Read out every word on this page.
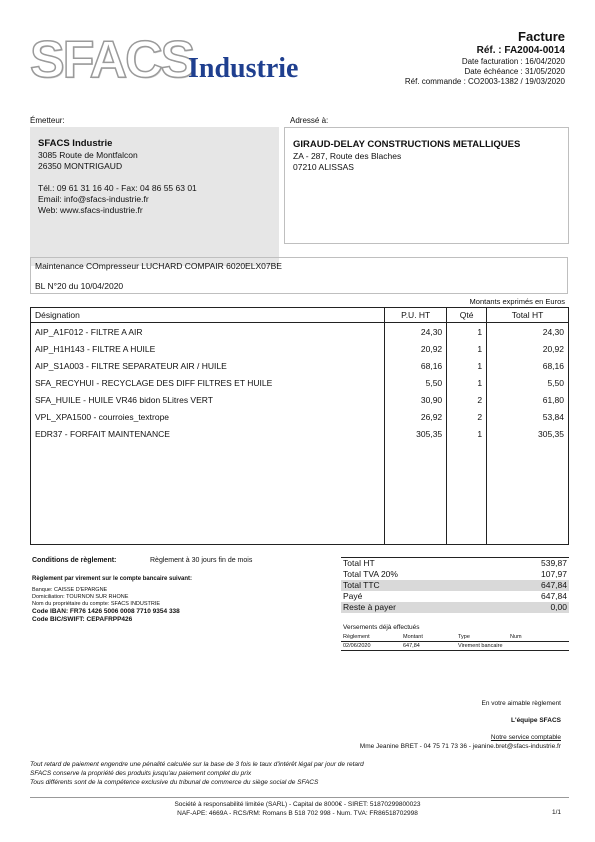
SFACS
Industrie
Facture
Réf. : FA2004-0014
Date facturation : 16/04/2020
Date échéance : 31/05/2020
Réf. commande : CO2003-1382 / 19/03/2020
Émetteur:
SFACS Industrie
3085 Route de Montfalcon
26350 MONTRIGAUD
Tél.: 09 61 31 16 40 - Fax: 04 86 55 63 01
Email: info@sfacs-industrie.fr
Web: www.sfacs-industrie.fr
Adressé à:
GIRAUD-DELAY CONSTRUCTIONS METALLIQUES
ZA - 287, Route des Blaches
07210 ALISSAS
Maintenance COmpresseur LUCHARD COMPAIR 6020ELX07BE
BL N°20 du 10/04/2020
Montants exprimés en Euros
Désignation	P.U. HT	Qté	Total HT
AIP_A1F012 - FILTRE A AIR	24,30	1	24,30
AIP_H1H143 - FILTRE A HUILE	20,92	1	20,92
AIP_S1A003 - FILTRE SEPARATEUR AIR / HUILE	68,16	1	68,16
SFA_RECYHUI - RECYCLAGE DES DIFF FILTRES ET HUILE	5,50	1	5,50
SFA_HUILE - HUILE VR46 bidon 5Litres VERT	30,90	2	61,80
VPL_XPA1500 - courroies_textrope	26,92	2	53,84
EDR37 - FORFAIT MAINTENANCE	305,35	1	305,35

Conditions de règlement:	Règlement à 30 jours fin de mois
Règlement par virement sur le compte bancaire suivant:
Banque: CAISSE D'EPARGNE
Domiciliation: TOURNON SUR RHONE
Nom du propriétaire du compte: SFACS INDUSTRIE
Code IBAN: FR76 1426 5006 0008 7710 9354 338
Code BIC/SWIFT: CEPAFRPP426
Total HT	539,87
Total TVA 20%	107,97
Total TTC	647,84
Payé	647,84
Reste à payer	0,00
Versements déjà effectués
Règlement	Montant	Type	Num
02/06/2020	647,84	Virement bancaire	
En votre aimable règlement
L'équipe SFACS
Notre service comptable
Mme Jeanine BRET - 04 75 71 73 36 - jeanine.bret@sfacs-industrie.fr
Tout retard de paiement engendre une pénalité calculée sur la base de 3 fois le taux d'intérêt légal par jour de retard
SFACS conserve la propriété des produits jusqu'au paiement complet du prix
Tous différents sont de la compétence exclusive du tribunal de commerce du siège social de SFACS
Société à responsabilité limitée (SARL) - Capital de 8000€ - SIRET: 51870299800023
NAF-APE: 4669A - RCS/RM: Romans B 518 702 998 - Num. TVA: FR86518702998	1/1
